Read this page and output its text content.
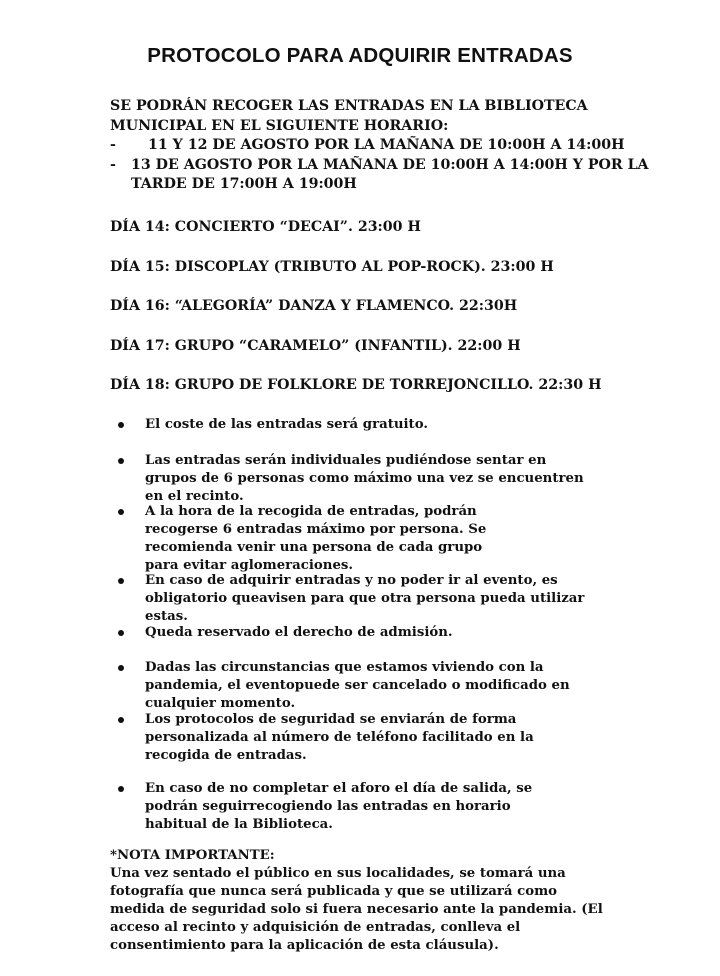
PROTOCOLO PARA ADQUIRIR ENTRADAS
SE PODRÁN RECOGER LAS ENTRADAS EN LA BIBLIOTECA MUNICIPAL EN EL SIGUIENTE HORARIO:
- 11 Y 12 DE AGOSTO POR LA MAÑANA DE 10:00H A 14:00H
- 13 DE AGOSTO POR LA MAÑANA DE 10:00H A 14:00H Y POR LA TARDE DE 17:00H A 19:00H
DÍA 14: CONCIERTO “DECAI”. 23:00 H
DÍA 15: DISCOPLAY (TRIBUTO AL POP-ROCK). 23:00 H
DÍA 16: “ALEGORÍA” DANZA Y FLAMENCO. 22:30H
DÍA 17: GRUPO “CARAMELO” (INFANTIL). 22:00 H
DÍA 18: GRUPO DE FOLKLORE DE TORREJONCILLO. 22:30 H
El coste de las entradas será gratuito.
Las entradas serán individuales pudiéndose sentar en grupos de 6 personas como máximo una vez se encuentren en el recinto.
A la hora de la recogida de entradas, podrán recogerse 6 entradas máximo por persona. Se recomienda venir una persona de cada grupo para evitar aglomeraciones.
En caso de adquirir entradas y no poder ir al evento, es obligatorio queavisen para que otra persona pueda utilizar estas.
Queda reservado el derecho de admisión.
Dadas las circunstancias que estamos viviendo con la pandemia, el eventopuede ser cancelado o modificado en cualquier momento.
Los protocolos de seguridad se enviarán de forma personalizada al número de teléfono facilitado en la recogida de entradas.
En caso de no completar el aforo el día de salida, se podrán seguirrecogiendo las entradas en horario habitual de la Biblioteca.
*NOTA IMPORTANTE:
Una vez sentado el público en sus localidades, se tomará una fotografía que nunca será publicada y que se utilizará como medida de seguridad solo si fuera necesario ante la pandemia. (El acceso al recinto y adquisición de entradas, conlleva el consentimiento para la aplicación de esta cláusula).
